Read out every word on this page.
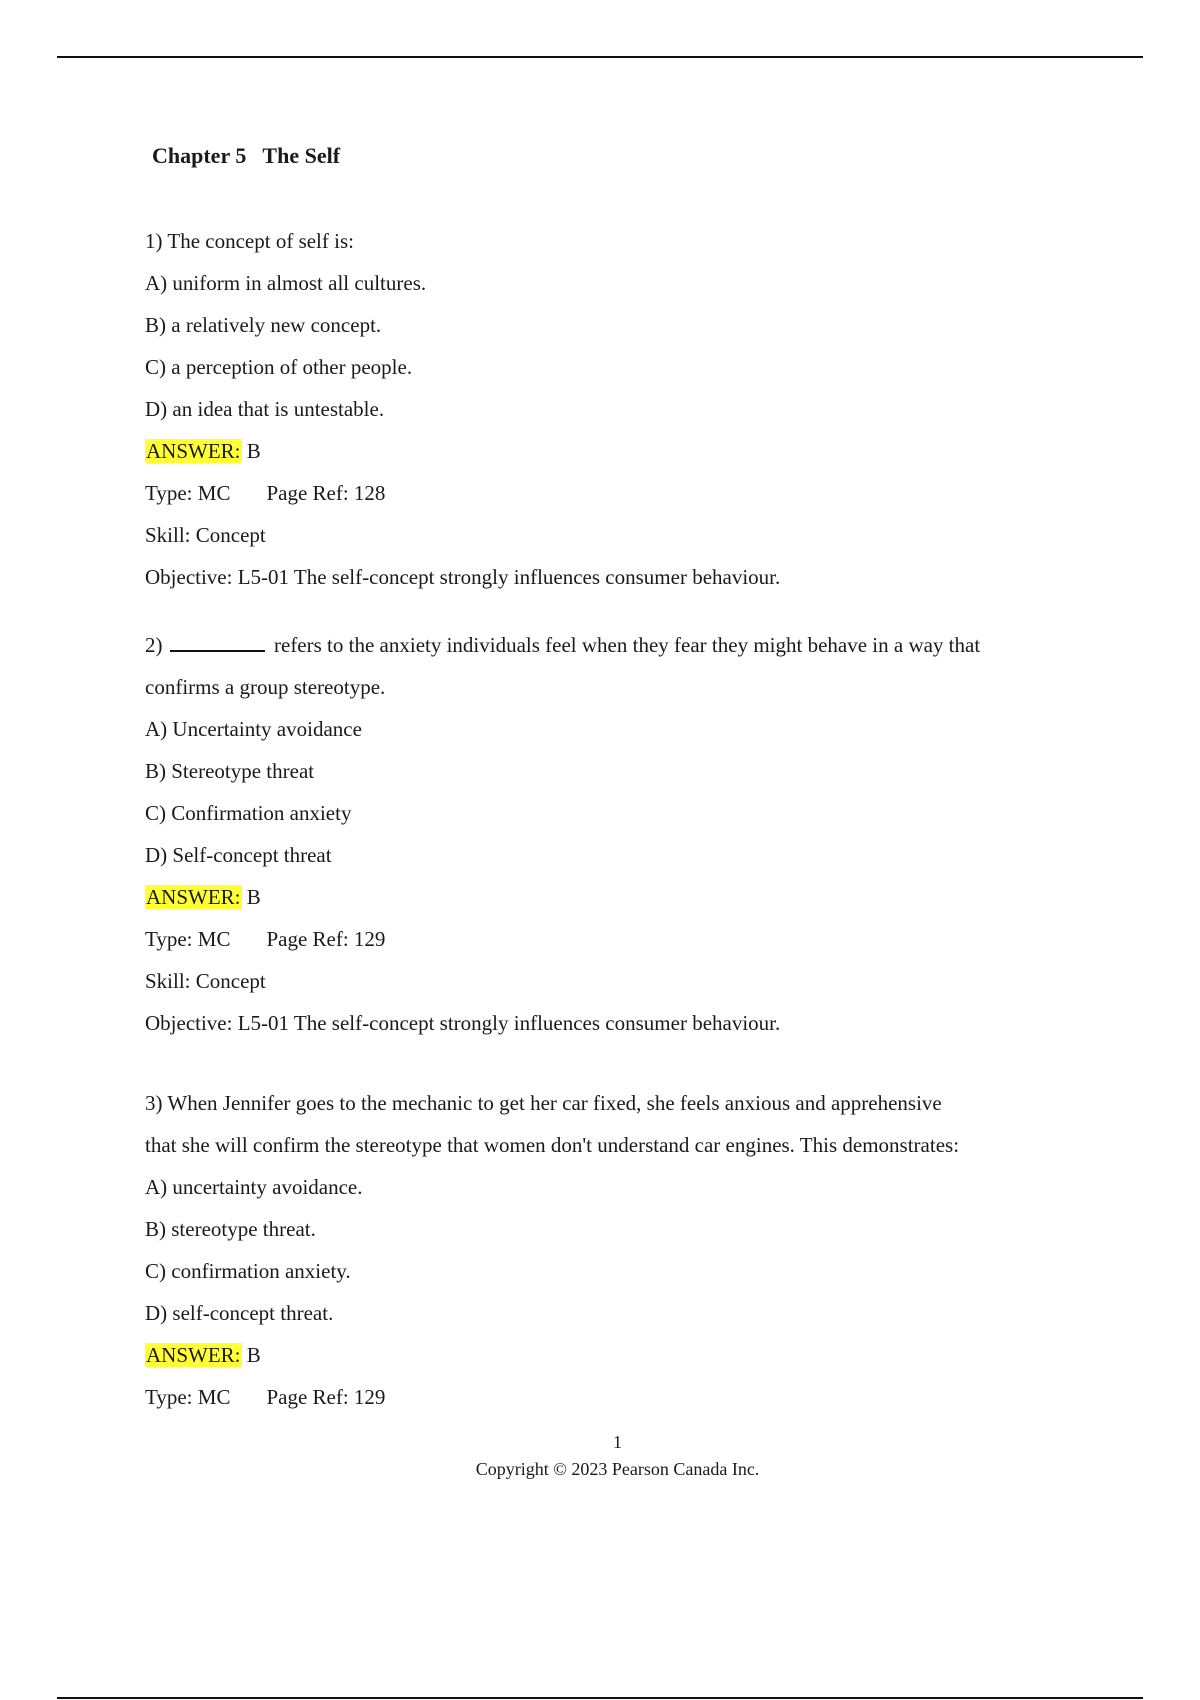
Chapter 5   The Self

1) The concept of self is:

A) uniform in almost all cultures.

B) a relatively new concept.

C) a perception of other people.

D) an idea that is untestable.

ANSWER: B

Type: MC Page Ref: 128

Skill: Concept

Objective: L5-01 The self-concept strongly influences consumer behaviour.

2)	refers to the anxiety individuals feel when they fear they might behave in a way that

confirms a group stereotype.

A) Uncertainty avoidance

B) Stereotype threat

C) Confirmation anxiety

D) Self-concept threat

ANSWER: B

Type: MC Page Ref: 129

Skill: Concept

Objective: L5-01 The self-concept strongly influences consumer behaviour.

3) When Jennifer goes to the mechanic to get her car fixed, she feels anxious and apprehensive

that she will confirm the stereotype that women don't understand car engines. This demonstrates:

A) uncertainty avoidance.

B) stereotype threat.

C) confirmation anxiety.

D) self-concept threat.

ANSWER: B

Type: MC Page Ref: 129

1
Copyright © 2023 Pearson Canada Inc.
